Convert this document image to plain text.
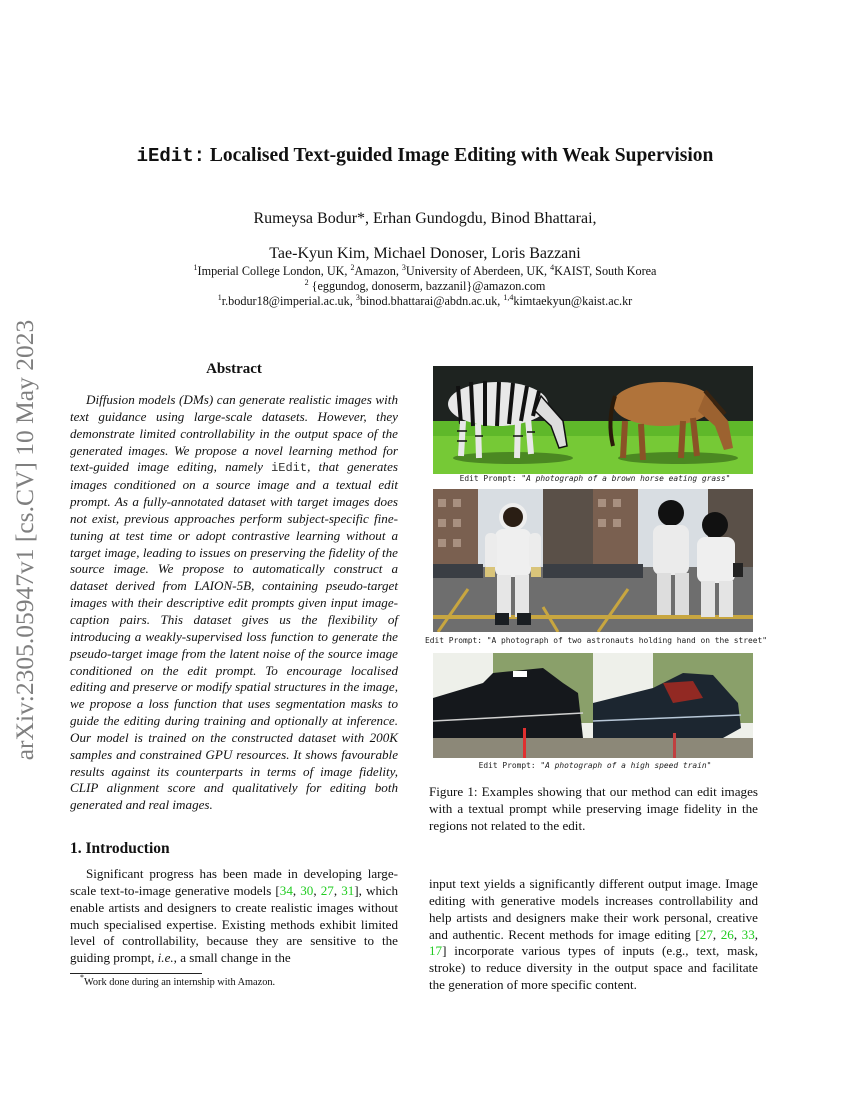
arXiv:2305.05947v1 [cs.CV] 10 May 2023
iEdit: Localised Text-guided Image Editing with Weak Supervision
Rumeysa Bodur*, Erhan Gundogdu, Binod Bhattarai,
Tae-Kyun Kim, Michael Donoser, Loris Bazzani
$^1$Imperial College London, UK, $^2$Amazon, $^3$University of Aberdeen, UK, $^4$KAIST, South Korea
$^2$ {eggundog, donoserm, bazzanil}@amazon.com
$^1$r.bodur18@imperial.ac.uk, $^3$binod.bhattarai@abdn.ac.uk, $^{1,4}$kimtaekyun@kaist.ac.kr
Abstract
Diffusion models (DMs) can generate realistic images with text guidance using large-scale datasets. However, they demonstrate limited controllability in the output space of the generated images. We propose a novel learning method for text-guided image editing, namely iEdit, that generates images conditioned on a source image and a textual edit prompt. As a fully-annotated dataset with target images does not exist, previous approaches perform subject-specific fine-tuning at test time or adopt contrastive learning without a target image, leading to issues on preserving the fidelity of the source image. We propose to automatically construct a dataset derived from LAION-5B, containing pseudo-target images with their descriptive edit prompts given input image-caption pairs. This dataset gives us the flexibility of introducing a weakly-supervised loss function to generate the pseudo-target image from the latent noise of the source image conditioned on the edit prompt. To encourage localised editing and preserve or modify spatial structures in the image, we propose a loss function that uses segmentation masks to guide the editing during training and optionally at inference. Our model is trained on the constructed dataset with 200K samples and constrained GPU resources. It shows favourable results against its counterparts in terms of image fidelity, CLIP alignment score and qualitatively for editing both generated and real images.
1. Introduction
Significant progress has been made in developing large-scale text-to-image generative models [34, 30, 27, 31], which enable artists and designers to create realistic images without much specialised expertise. Existing methods exhibit limited level of controllability, because they are sensitive to the guiding prompt, i.e., a small change in the
*Work done during an internship with Amazon.
Edit Prompt: "A photograph of a brown horse eating grass"
Edit Prompt: "A photograph of two astronauts holding hand on the street"
Edit Prompt: "A photograph of a high speed train"
Figure 1: Examples showing that our method can edit images with a textual prompt while preserving image fidelity in the regions not related to the edit.
input text yields a significantly different output image. Image editing with generative models increases controllability and help artists and designers make their work personal, creative and authentic. Recent methods for image editing [27, 26, 33, 17] incorporate various types of inputs (e.g., text, mask, stroke) to reduce diversity in the output space and facilitate the generation of more specific content.
